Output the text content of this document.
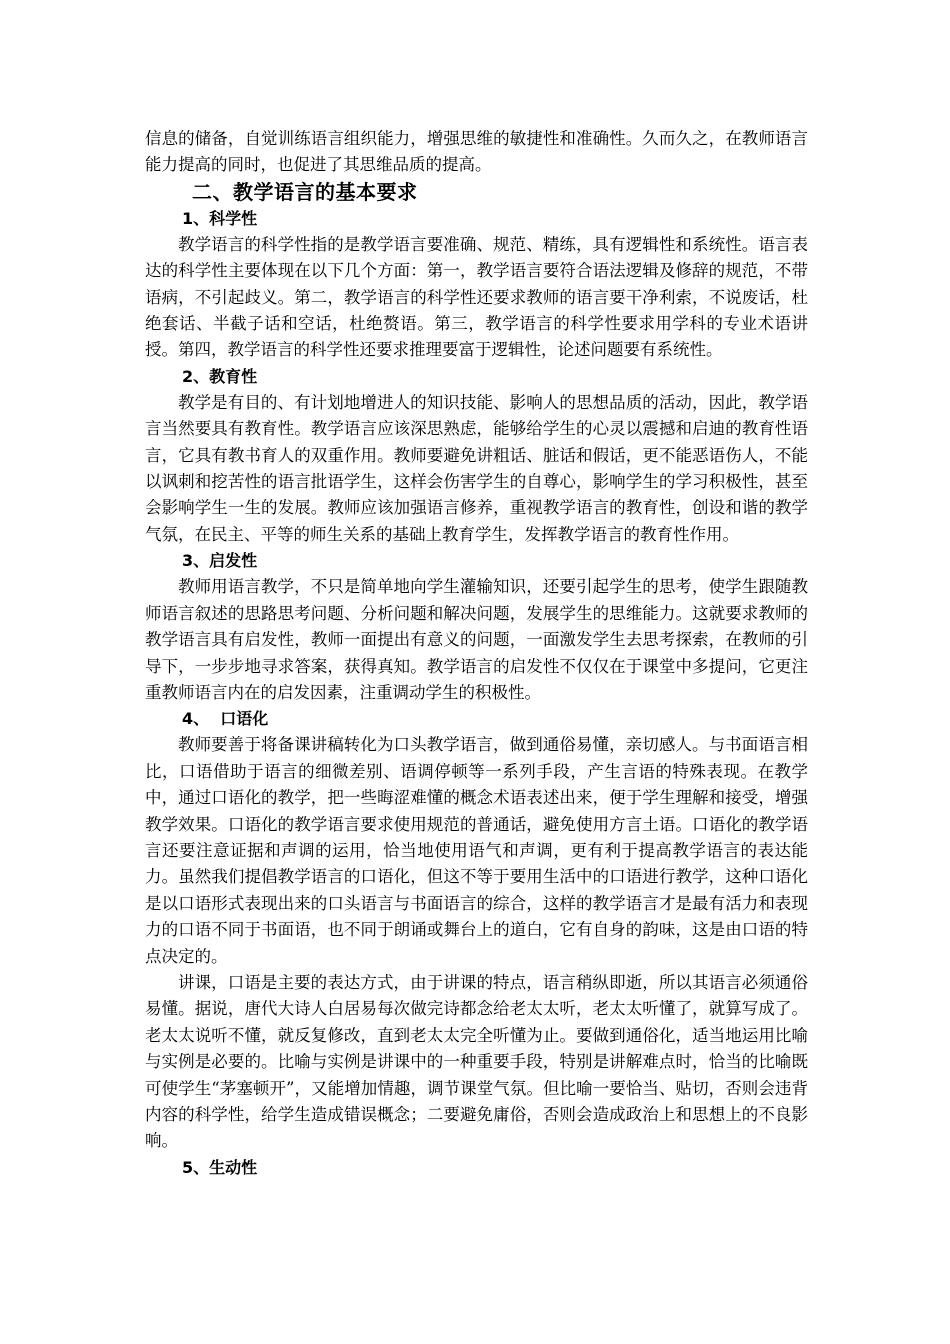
信息的储备，自觉训练语言组织能力，增强思维的敏捷性和准确性。久而久之，在教师语言能力提高的同时，也促进了其思维品质的提高。

二、教学语言的基本要求
1、科学性

教学语言的科学性指的是教学语言要准确、规范、精练，具有逻辑性和系统性。语言表达的科学性主要体现在以下几个方面：第一，教学语言要符合语法逻辑及修辞的规范，不带语病，不引起歧义。第二，教学语言的科学性还要求教师的语言要干净利索，不说废话，杜绝套话、半截子话和空话，杜绝赘语。第三，教学语言的科学性要求用学科的专业术语讲授。第四，教学语言的科学性还要求推理要富于逻辑性，论述问题要有系统性。

2、教育性

教学是有目的、有计划地增进人的知识技能、影响人的思想品质的活动，因此，教学语言当然要具有教育性。教学语言应该深思熟虑，能够给学生的心灵以震撼和启迪的教育性语言，它具有教书育人的双重作用。教师要避免讲粗话、脏话和假话，更不能恶语伤人，不能以讽刺和挖苦性的语言批语学生，这样会伤害学生的自尊心，影响学生的学习积极性，甚至会影响学生一生的发展。教师应该加强语言修养，重视教学语言的教育性，创设和谐的教学气氛，在民主、平等的师生关系的基础上教育学生，发挥教学语言的教育性作用。

3、启发性

教师用语言教学，不只是简单地向学生灌输知识，还要引起学生的思考，使学生跟随教师语言叙述的思路思考问题、分析问题和解决问题，发展学生的思维能力。这就要求教师的教学语言具有启发性，教师一面提出有意义的问题，一面激发学生去思考探索，在教师的引导下，一步步地寻求答案，获得真知。教学语言的启发性不仅仅在于课堂中多提问，它更注重教师语言内在的启发因素，注重调动学生的积极性。

4、  口语化

教师要善于将备课讲稿转化为口头教学语言，做到通俗易懂，亲切感人。与书面语言相比，口语借助于语言的细微差别、语调停顿等一系列手段，产生言语的特殊表现。在教学中，通过口语化的教学，把一些晦涩难懂的概念术语表述出来，便于学生理解和接受，增强教学效果。口语化的教学语言要求使用规范的普通话，避免使用方言土语。口语化的教学语言还要注意证据和声调的运用，恰当地使用语气和声调，更有利于提高教学语言的表达能力。虽然我们提倡教学语言的口语化，但这不等于要用生活中的口语进行教学，这种口语化是以口语形式表现出来的口头语言与书面语言的综合，这样的教学语言才是最有活力和表现力的口语不同于书面语，也不同于朗诵或舞台上的道白，它有自身的韵味，这是由口语的特点决定的。

讲课，口语是主要的表达方式，由于讲课的特点，语言稍纵即逝，所以其语言必须通俗易懂。据说，唐代大诗人白居易每次做完诗都念给老太太听，老太太听懂了，就算写成了。老太太说听不懂，就反复修改，直到老太太完全听懂为止。要做到通俗化，适当地运用比喻与实例是必要的。比喻与实例是讲课中的一种重要手段，特别是讲解难点时，恰当的比喻既可使学生“茅塞顿开”，又能增加情趣，调节课堂气氛。但比喻一要恰当、贴切，否则会违背内容的科学性，给学生造成错误概念；二要避免庸俗，否则会造成政治上和思想上的不良影响。

5、生动性
